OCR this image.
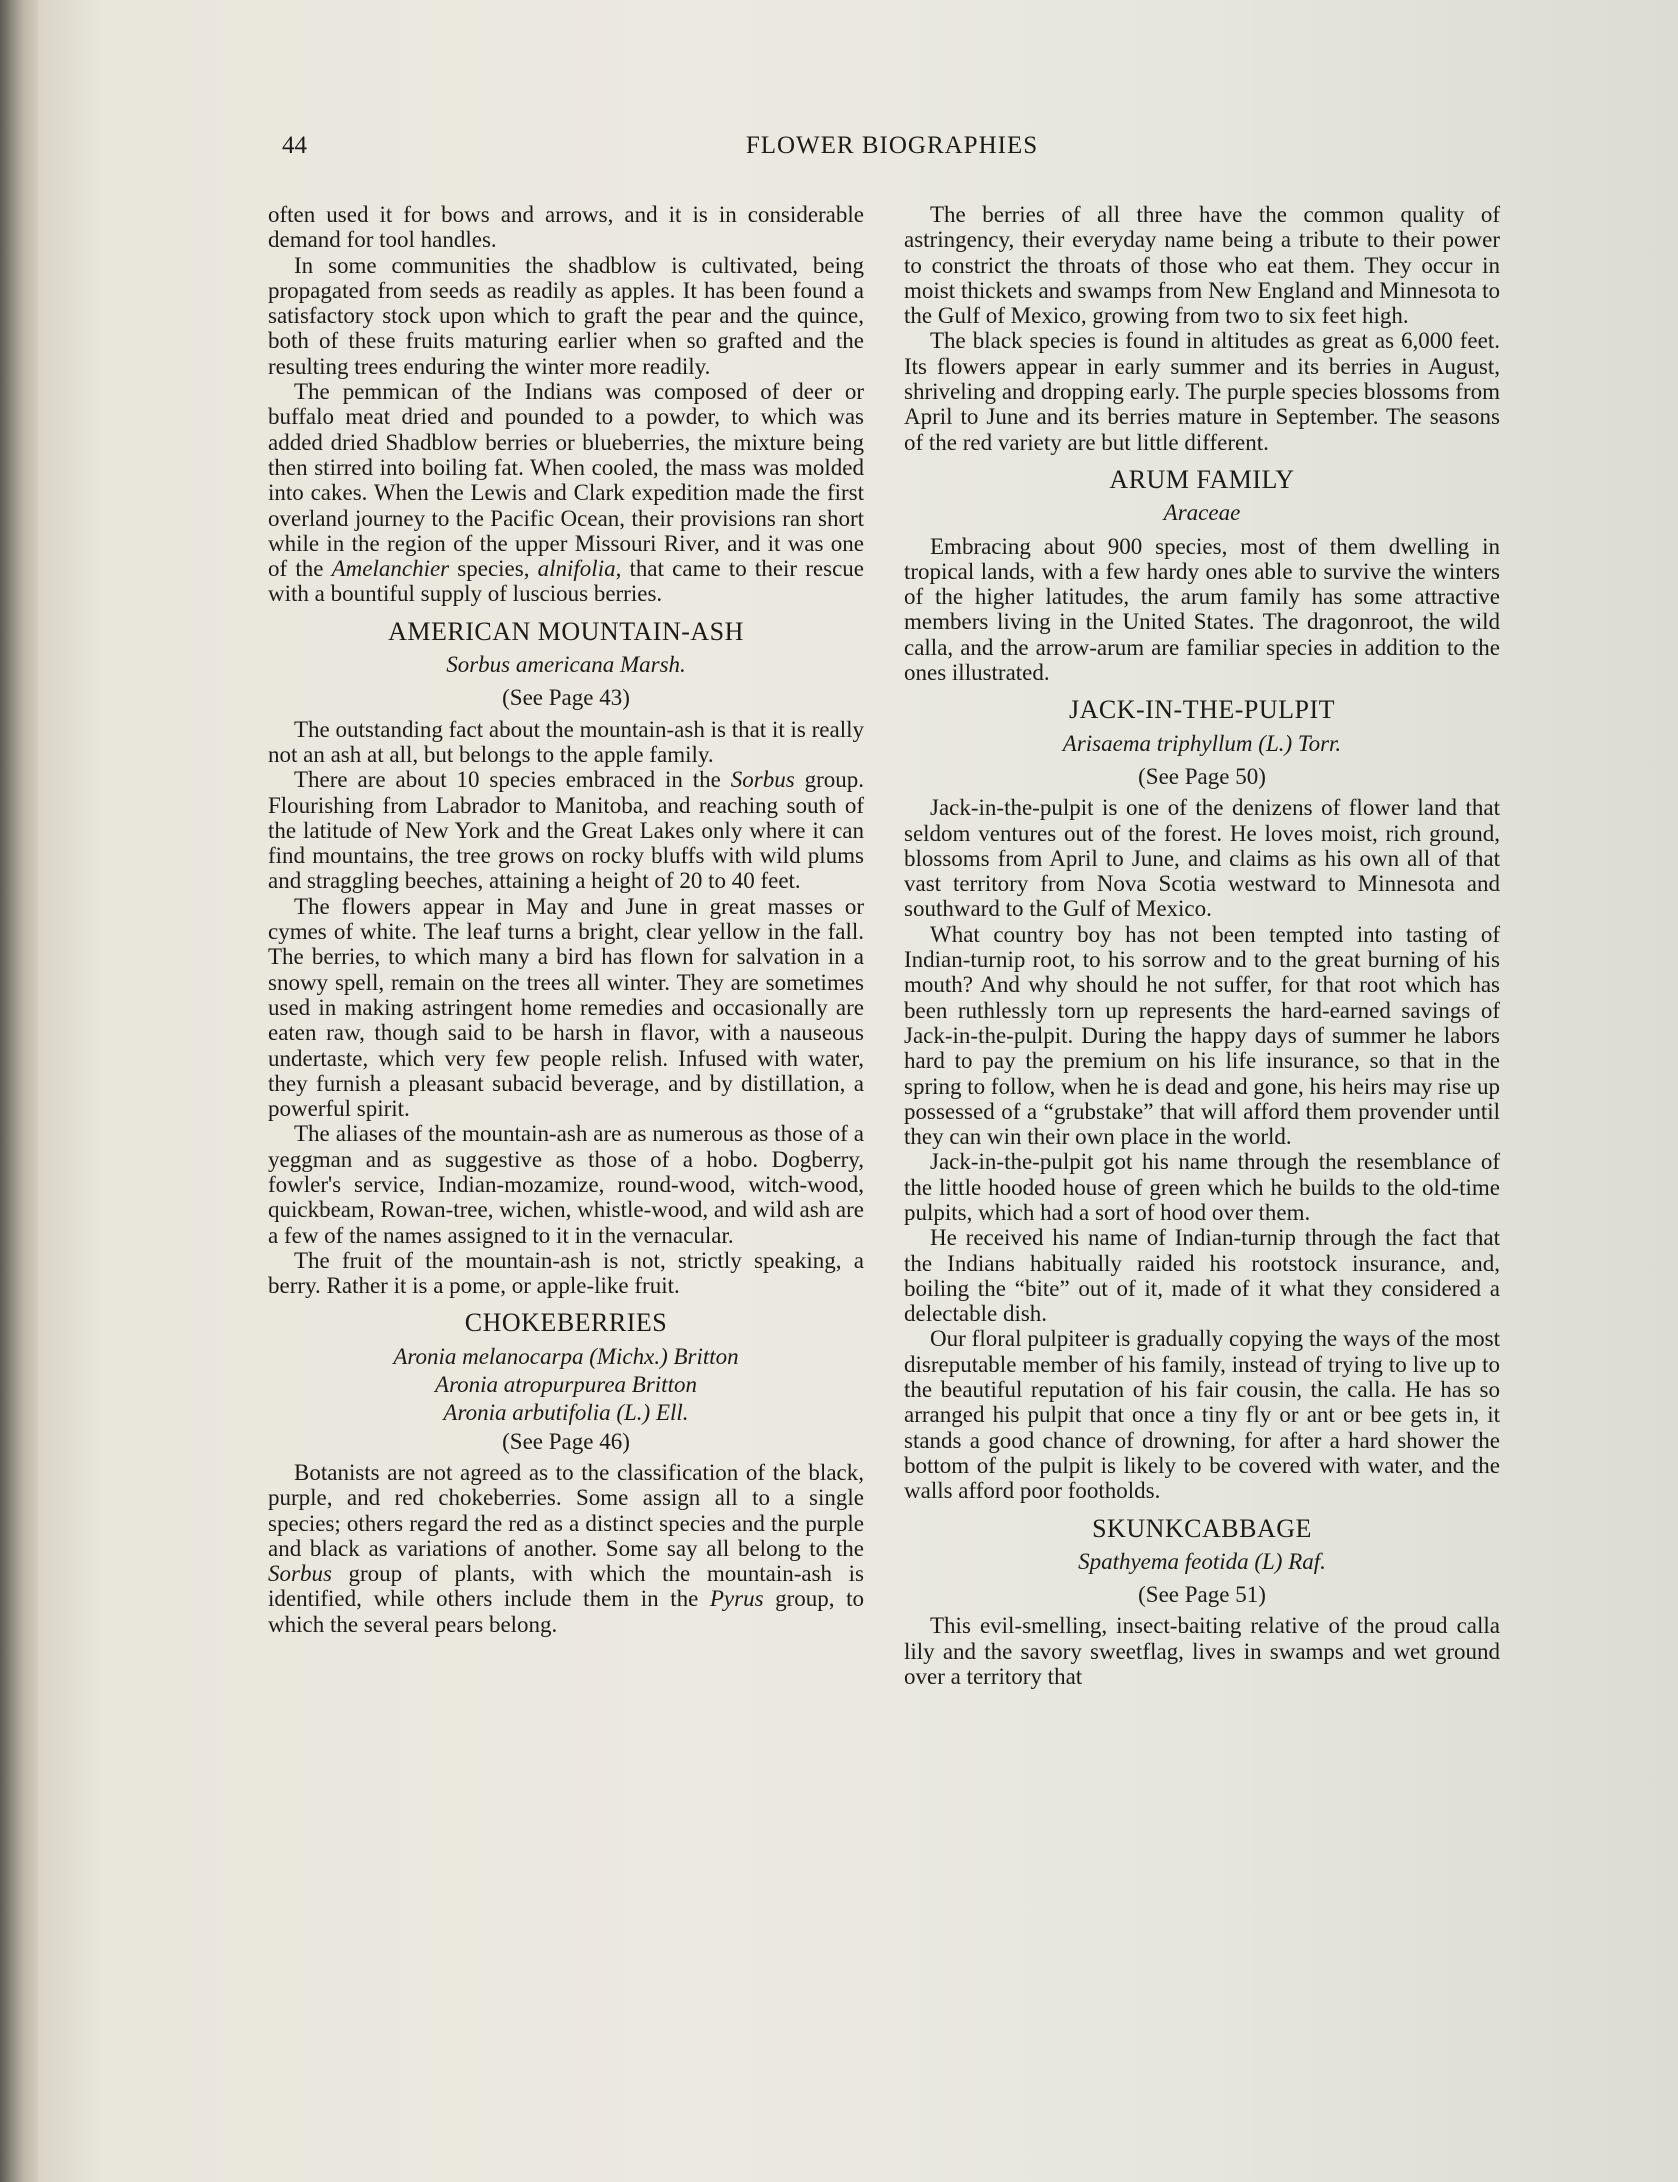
44	FLOWER BIOGRAPHIES

often used it for bows and arrows, and it is in considerable demand for tool handles.

In some communities the shadblow is cultivated, being propagated from seeds as readily as apples. It has been found a satisfactory stock upon which to graft the pear and the quince, both of these fruits maturing earlier when so grafted and the resulting trees enduring the winter more readily.

The pemmican of the Indians was composed of deer or buffalo meat dried and pounded to a powder, to which was added dried Shadblow berries or blueberries, the mixture being then stirred into boiling fat. When cooled, the mass was molded into cakes. When the Lewis and Clark expedition made the first overland journey to the Pacific Ocean, their provisions ran short while in the region of the upper Missouri River, and it was one of the Amelanchier species, alnifolia, that came to their rescue with a bountiful supply of luscious berries.

AMERICAN MOUNTAIN-ASH
Sorbus americana Marsh.
(See Page 43)

The outstanding fact about the mountain-ash is that it is really not an ash at all, but belongs to the apple family.

There are about 10 species embraced in the Sorbus group. Flourishing from Labrador to Manitoba, and reaching south of the latitude of New York and the Great Lakes only where it can find mountains, the tree grows on rocky bluffs with wild plums and straggling beeches, attaining a height of 20 to 40 feet.

The flowers appear in May and June in great masses or cymes of white. The leaf turns a bright, clear yellow in the fall. The berries, to which many a bird has flown for salvation in a snowy spell, remain on the trees all winter. They are sometimes used in making astringent home remedies and occasionally are eaten raw, though said to be harsh in flavor, with a nauseous undertaste, which very few people relish. Infused with water, they furnish a pleasant subacid beverage, and by distillation, a powerful spirit.

The aliases of the mountain-ash are as numerous as those of a yeggman and as suggestive as those of a hobo. Dogberry, fowler's service, Indian-mozamize, round-wood, witch-wood, quickbeam, Rowan-tree, wichen, whistle-wood, and wild ash are a few of the names assigned to it in the vernacular.

The fruit of the mountain-ash is not, strictly speaking, a berry. Rather it is a pome, or apple-like fruit.

CHOKEBERRIES
Aronia melanocarpa (Michx.) Britton
Aronia atropurpurea Britton
Aronia arbutifolia (L.) Ell.
(See Page 46)

Botanists are not agreed as to the classification of the black, purple, and red chokeberries. Some assign all to a single species; others regard the red as a distinct species and the purple and black as variations of another. Some say all belong to the Sorbus group of plants, with which the mountain-ash is identified, while others include them in the Pyrus group, to which the several pears belong.

The berries of all three have the common quality of astringency, their everyday name being a tribute to their power to constrict the throats of those who eat them. They occur in moist thickets and swamps from New England and Minnesota to the Gulf of Mexico, growing from two to six feet high.

The black species is found in altitudes as great as 6,000 feet. Its flowers appear in early summer and its berries in August, shriveling and dropping early. The purple species blossoms from April to June and its berries mature in September. The seasons of the red variety are but little different.

ARUM FAMILY
Araceae

Embracing about 900 species, most of them dwelling in tropical lands, with a few hardy ones able to survive the winters of the higher latitudes, the arum family has some attractive members living in the United States. The dragonroot, the wild calla, and the arrow-arum are familiar species in addition to the ones illustrated.

JACK-IN-THE-PULPIT
Arisaema triphyllum (L.) Torr.
(See Page 50)

Jack-in-the-pulpit is one of the denizens of flower land that seldom ventures out of the forest. He loves moist, rich ground, blossoms from April to June, and claims as his own all of that vast territory from Nova Scotia westward to Minnesota and southward to the Gulf of Mexico.

What country boy has not been tempted into tasting of Indian-turnip root, to his sorrow and to the great burning of his mouth? And why should he not suffer, for that root which has been ruthlessly torn up represents the hard-earned savings of Jack-in-the-pulpit. During the happy days of summer he labors hard to pay the premium on his life insurance, so that in the spring to follow, when he is dead and gone, his heirs may rise up possessed of a “grubstake” that will afford them provender until they can win their own place in the world.

Jack-in-the-pulpit got his name through the resemblance of the little hooded house of green which he builds to the old-time pulpits, which had a sort of hood over them.

He received his name of Indian-turnip through the fact that the Indians habitually raided his rootstock insurance, and, boiling the “bite” out of it, made of it what they considered a delectable dish.

Our floral pulpiteer is gradually copying the ways of the most disreputable member of his family, instead of trying to live up to the beautiful reputation of his fair cousin, the calla. He has so arranged his pulpit that once a tiny fly or ant or bee gets in, it stands a good chance of drowning, for after a hard shower the bottom of the pulpit is likely to be covered with water, and the walls afford poor footholds.

SKUNKCABBAGE
Spathyema feotida (L) Raf.
(See Page 51)

This evil-smelling, insect-baiting relative of the proud calla lily and the savory sweetflag, lives in swamps and wet ground over a territory that
